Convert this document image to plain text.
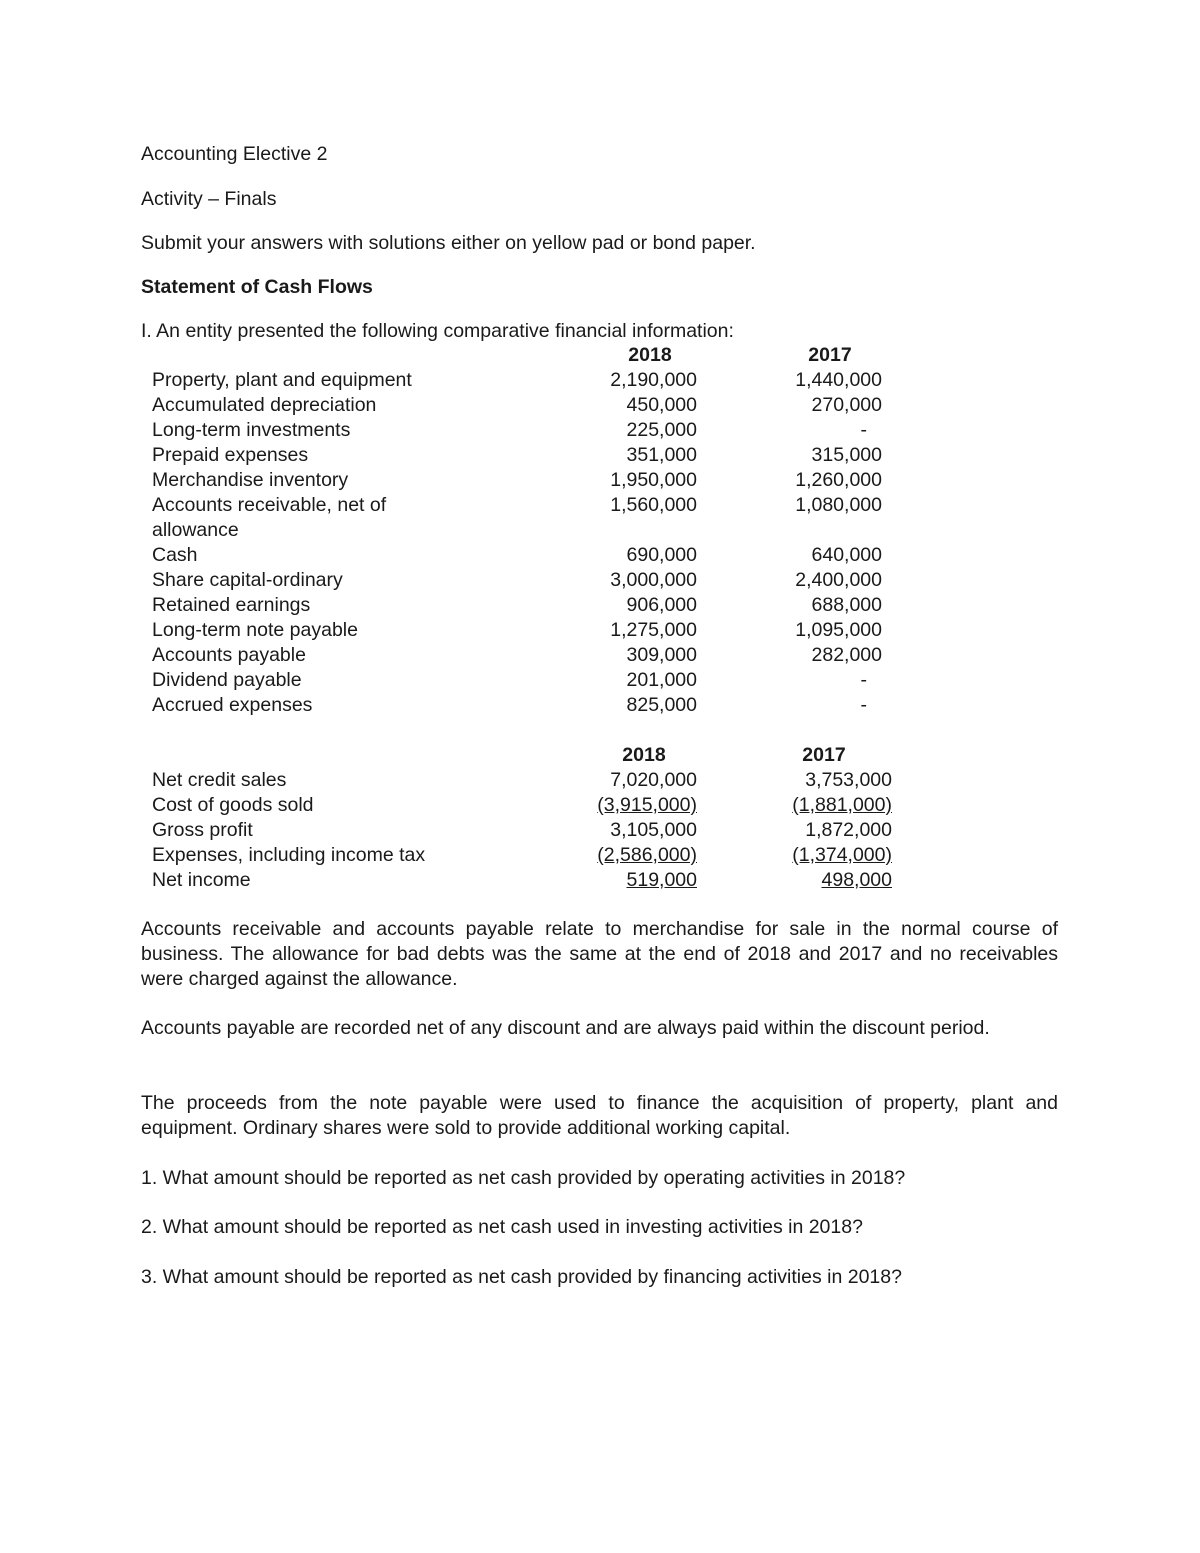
Accounting Elective 2
Activity – Finals
Submit your answers with solutions either on yellow pad or bond paper.
Statement of Cash Flows
I. An entity presented the following comparative financial information:
2018	2017
Property, plant and equipment	2,190,000	1,440,000
Accumulated depreciation	450,000	270,000
Long-term investments	225,000	-
Prepaid expenses	351,000	315,000
Merchandise inventory	1,950,000	1,260,000
Accounts receivable, net of	1,560,000	1,080,000
allowance
Cash	690,000	640,000
Share capital-ordinary	3,000,000	2,400,000
Retained earnings	906,000	688,000
Long-term note payable	1,275,000	1,095,000
Accounts payable	309,000	282,000
Dividend payable	201,000	-
Accrued expenses	825,000	-
2018	2017
Net credit sales	7,020,000	3,753,000
Cost of goods sold	(3,915,000)	(1,881,000)
Gross profit	3,105,000	1,872,000
Expenses, including income tax	(2,586,000)	(1,374,000)
Net income	519,000	498,000
Accounts receivable and accounts payable relate to merchandise for sale in the normal course of business. The allowance for bad debts was the same at the end of 2018 and 2017 and no receivables were charged against the allowance.
Accounts payable are recorded net of any discount and are always paid within the discount period.
The proceeds from the note payable were used to finance the acquisition of property, plant and equipment. Ordinary shares were sold to provide additional working capital.
1. What amount should be reported as net cash provided by operating activities in 2018?
2. What amount should be reported as net cash used in investing activities in 2018?
3. What amount should be reported as net cash provided by financing activities in 2018?
